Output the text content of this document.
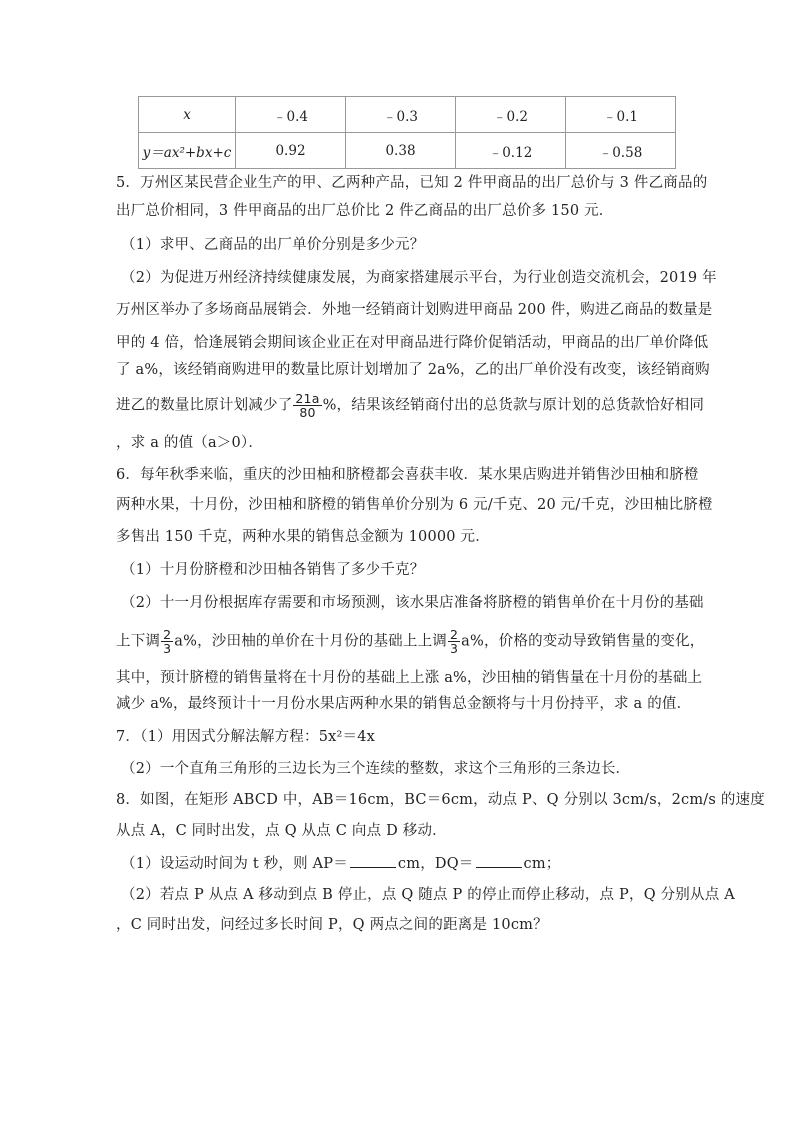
x	﹣0.4	﹣0.3	﹣0.2	﹣0.1
y＝ax²+bx+c	0.92	0.38	﹣0.12	﹣0.58
5．万州区某民营企业生产的甲、乙两种产品，已知 2 件甲商品的出厂总价与 3 件乙商品的
出厂总价相同，3 件甲商品的出厂总价比 2 件乙商品的出厂总价多 150 元．
（1）求甲、乙商品的出厂单价分别是多少元？
（2）为促进万州经济持续健康发展，为商家搭建展示平台，为行业创造交流机会，2019 年
万州区举办了多场商品展销会．外地一经销商计划购进甲商品 200 件，购进乙商品的数量是
甲的 4 倍，恰逢展销会期间该企业正在对甲商品进行降价促销活动，甲商品的出厂单价降低
了 a%，该经销商购进甲的数量比原计划增加了 2a%，乙的出厂单价没有改变，该经销商购
进乙的数量比原计划减少了 $\frac{21a}{80}$ %，结果该经销商付出的总货款与原计划的总货款恰好相同
，求 a 的值（a＞0）．
6．每年秋季来临，重庆的沙田柚和脐橙都会喜获丰收．某水果店购进并销售沙田柚和脐橙
两种水果，十月份，沙田柚和脐橙的销售单价分别为 6 元/千克、20 元/千克，沙田柚比脐橙
多售出 150 千克，两种水果的销售总金额为 10000 元．
（1）十月份脐橙和沙田柚各销售了多少千克？
（2）十一月份根据库存需要和市场预测，该水果店准备将脐橙的销售单价在十月份的基础
上下调 $\frac{2}{3} a\%$，沙田柚的单价在十月份的基础上上调 $\frac{2}{3} a\%$，价格的变动导致销售量的变化，
其中，预计脐橙的销售量将在十月份的基础上上涨 a%，沙田柚的销售量在十月份的基础上
减少 a%，最终预计十一月份水果店两种水果的销售总金额将与十月份持平，求 a 的值．
7．（1）用因式分解法解方程：5x²＝4x
（2）一个直角三角形的三边长为三个连续的整数，求这个三角形的三条边长．
8．如图，在矩形 ABCD 中，AB＝16cm，BC＝6cm，动点 P、Q 分别以 3cm/s，2cm/s 的速度
从点 A，C 同时出发，点 Q 从点 C 向点 D 移动．
（1）设运动时间为 t 秒，则 AP＝	cm，DQ＝	cm；
（2）若点 P 从点 A 移动到点 B 停止，点 Q 随点 P 的停止而停止移动，点 P，Q 分别从点 A
，C 同时出发，问经过多长时间 P，Q 两点之间的距离是 10cm？
